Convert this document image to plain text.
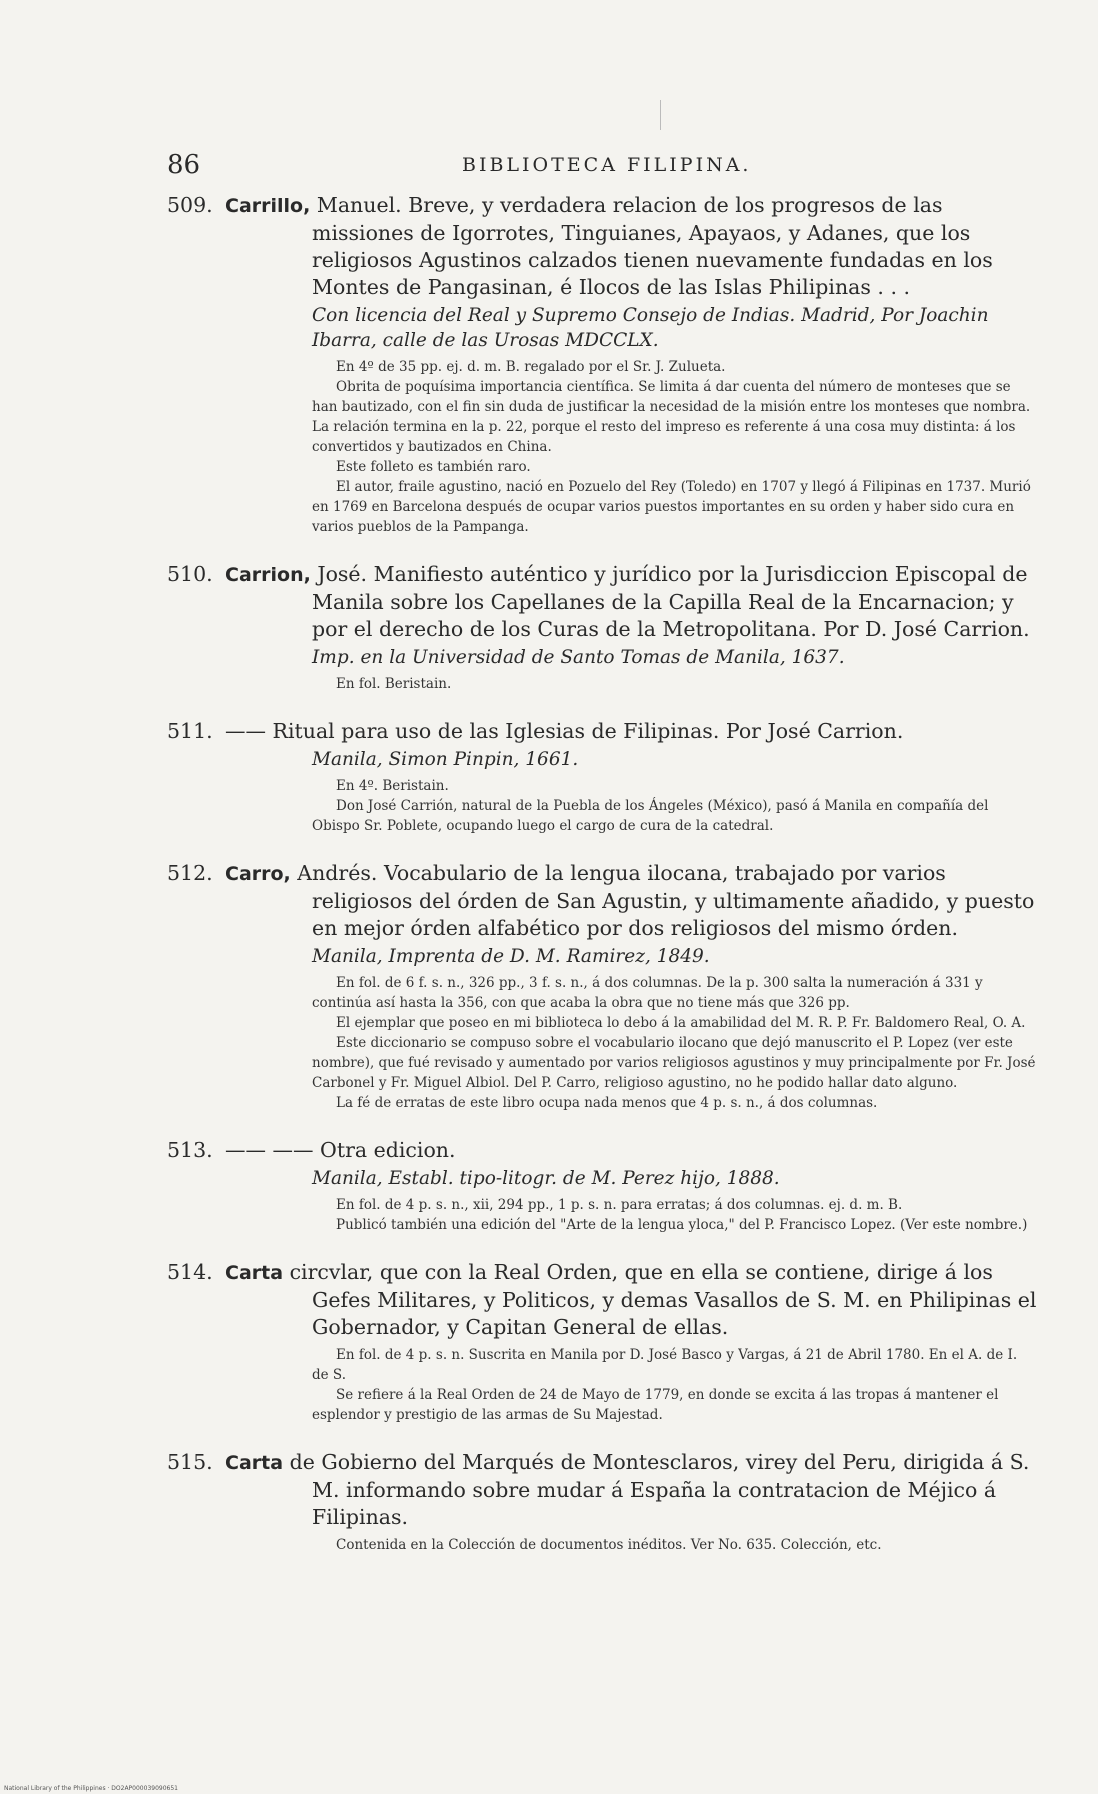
86	BIBLIOTECA FILIPINA.
509. Carrillo, Manuel. Breve, y verdadera relacion de los progresos de las missiones de Igorrotes, Tinguianes, Apayaos, y Adanes, que los religiosos Agustinos calzados tienen nuevamente fundadas en los Montes de Pangasinan, é Ilocos de las Islas Philipinas . . .
Con licencia del Real y Supremo Consejo de Indias. Madrid, Por Joachin Ibarra, calle de las Urosas MDCCLX.

En 4º de 35 pp. ej. d. m. B. regalado por el Sr. J. Zulueta.

Obrita de poquísima importancia científica. Se limita á dar cuenta del número de monteses que se han bautizado, con el fin sin duda de justificar la necesidad de la misión entre los monteses que nombra. La relación termina en la p. 22, porque el resto del impreso es referente á una cosa muy distinta: á los convertidos y bautizados en China.

Este folleto es también raro.

El autor, fraile agustino, nació en Pozuelo del Rey (Toledo) en 1707 y llegó á Filipinas en 1737. Murió en 1769 en Barcelona después de ocupar varios puestos importantes en su orden y haber sido cura en varios pueblos de la Pampanga.

510. Carrion, José. Manifiesto auténtico y jurídico por la Jurisdiccion Episcopal de Manila sobre los Capellanes de la Capilla Real de la Encarnacion; y por el derecho de los Curas de la Metropolitana. Por D. José Carrion.
Imp. en la Universidad de Santo Tomas de Manila, 1637.

En fol. Beristain.

511. —— Ritual para uso de las Iglesias de Filipinas. Por José Carrion.
Manila, Simon Pinpin, 1661.

En 4º. Beristain.

Don José Carrión, natural de la Puebla de los Ángeles (México), pasó á Manila en compañía del Obispo Sr. Poblete, ocupando luego el cargo de cura de la catedral.

512. Carro, Andrés. Vocabulario de la lengua ilocana, trabajado por varios religiosos del órden de San Agustin, y ultimamente añadido, y puesto en mejor órden alfabético por dos religiosos del mismo órden.
Manila, Imprenta de D. M. Ramirez, 1849.

En fol. de 6 f. s. n., 326 pp., 3 f. s. n., á dos columnas. De la p. 300 salta la numeración á 331 y continúa así hasta la 356, con que acaba la obra que no tiene más que 326 pp.

El ejemplar que poseo en mi biblioteca lo debo á la amabilidad del M. R. P. Fr. Baldomero Real, O. A.

Este diccionario se compuso sobre el vocabulario ilocano que dejó manuscrito el P. Lopez (ver este nombre), que fué revisado y aumentado por varios religiosos agustinos y muy principalmente por Fr. José Carbonel y Fr. Miguel Albiol. Del P. Carro, religioso agustino, no he podido hallar dato alguno.

La fé de erratas de este libro ocupa nada menos que 4 p. s. n., á dos columnas.

513. —— —— Otra edicion.
Manila, Establ. tipo-litogr. de M. Perez hijo, 1888.

En fol. de 4 p. s. n., xii, 294 pp., 1 p. s. n. para erratas; á dos columnas. ej. d. m. B.

Publicó también una edición del "Arte de la lengua yloca," del P. Francisco Lopez. (Ver este nombre.)

514. Carta circvlar, que con la Real Orden, que en ella se contiene, dirige á los Gefes Militares, y Politicos, y demas Vasallos de S. M. en Philipinas el Gobernador, y Capitan General de ellas.

En fol. de 4 p. s. n. Suscrita en Manila por D. José Basco y Vargas, á 21 de Abril 1780. En el A. de I. de S.

Se refiere á la Real Orden de 24 de Mayo de 1779, en donde se excita á las tropas á mantener el esplendor y prestigio de las armas de Su Majestad.

515. Carta de Gobierno del Marqués de Montesclaros, virey del Peru, dirigida á S. M. informando sobre mudar á España la contratacion de Méjico á Filipinas.

Contenida en la Colección de documentos inéditos. Ver No. 635. Colección, etc.

National Library of the Philippines · DO2AP000039090651
